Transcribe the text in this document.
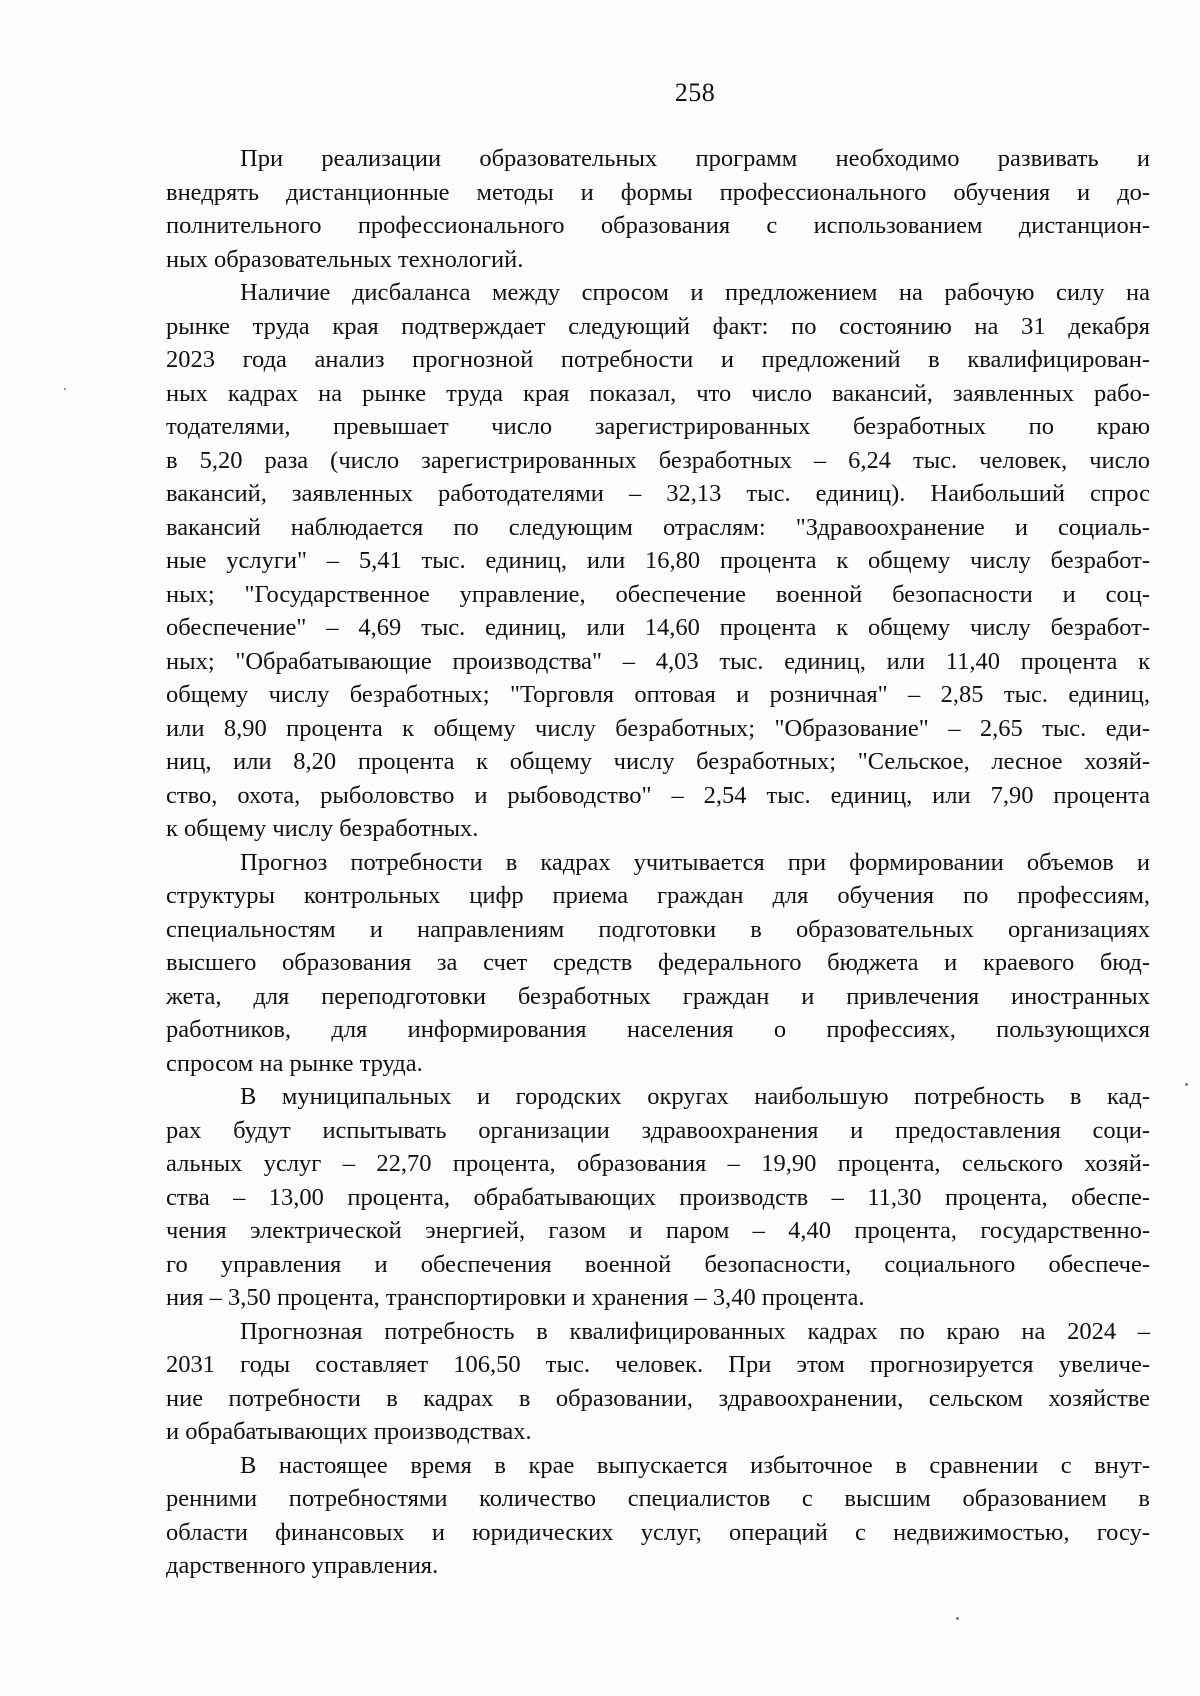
258
При реализации образовательных программ необходимо развивать и
внедрять дистанционные методы и формы профессионального обучения и до-
полнительного профессионального образования с использованием дистанцион-
ных образовательных технологий.
Наличие дисбаланса между спросом и предложением на рабочую силу на
рынке труда края подтверждает следующий факт: по состоянию на 31 декабря
2023 года анализ прогнозной потребности и предложений в квалифицирован-
ных кадрах на рынке труда края показал, что число вакансий, заявленных рабо-
тодателями, превышает число зарегистрированных безработных по краю
в 5,20 раза (число зарегистрированных безработных – 6,24 тыс. человек, число
вакансий, заявленных работодателями – 32,13 тыс. единиц). Наибольший спрос
вакансий наблюдается по следующим отраслям: "Здравоохранение и социаль-
ные услуги" – 5,41 тыс. единиц, или 16,80 процента к общему числу безработ-
ных; "Государственное управление, обеспечение военной безопасности и соц-
обеспечение" – 4,69 тыс. единиц, или 14,60 процента к общему числу безработ-
ных; "Обрабатывающие производства" – 4,03 тыс. единиц, или 11,40 процента к
общему числу безработных; "Торговля оптовая и розничная" – 2,85 тыс. единиц,
или 8,90 процента к общему числу безработных; "Образование" – 2,65 тыс. еди-
ниц, или 8,20 процента к общему числу безработных; "Сельское, лесное хозяй-
ство, охота, рыболовство и рыбоводство" – 2,54 тыс. единиц, или 7,90 процента
к общему числу безработных.
Прогноз потребности в кадрах учитывается при формировании объемов и
структуры контрольных цифр приема граждан для обучения по профессиям,
специальностям и направлениям подготовки в образовательных организациях
высшего образования за счет средств федерального бюджета и краевого бюд-
жета, для переподготовки безработных граждан и привлечения иностранных
работников, для информирования населения о профессиях, пользующихся
спросом на рынке труда.
В муниципальных и городских округах наибольшую потребность в кад-
рах будут испытывать организации здравоохранения и предоставления соци-
альных услуг – 22,70 процента, образования – 19,90 процента, сельского хозяй-
ства – 13,00 процента, обрабатывающих производств – 11,30 процента, обеспе-
чения электрической энергией, газом и паром – 4,40 процента, государственно-
го управления и обеспечения военной безопасности, социального обеспече-
ния – 3,50 процента, транспортировки и хранения – 3,40 процента.
Прогнозная потребность в квалифицированных кадрах по краю на 2024 –
2031 годы составляет 106,50 тыс. человек. При этом прогнозируется увеличе-
ние потребности в кадрах в образовании, здравоохранении, сельском хозяйстве
и обрабатывающих производствах.
В настоящее время в крае выпускается избыточное в сравнении с внут-
ренними потребностями количество специалистов с высшим образованием в
области финансовых и юридических услуг, операций с недвижимостью, госу-
дарственного управления.
